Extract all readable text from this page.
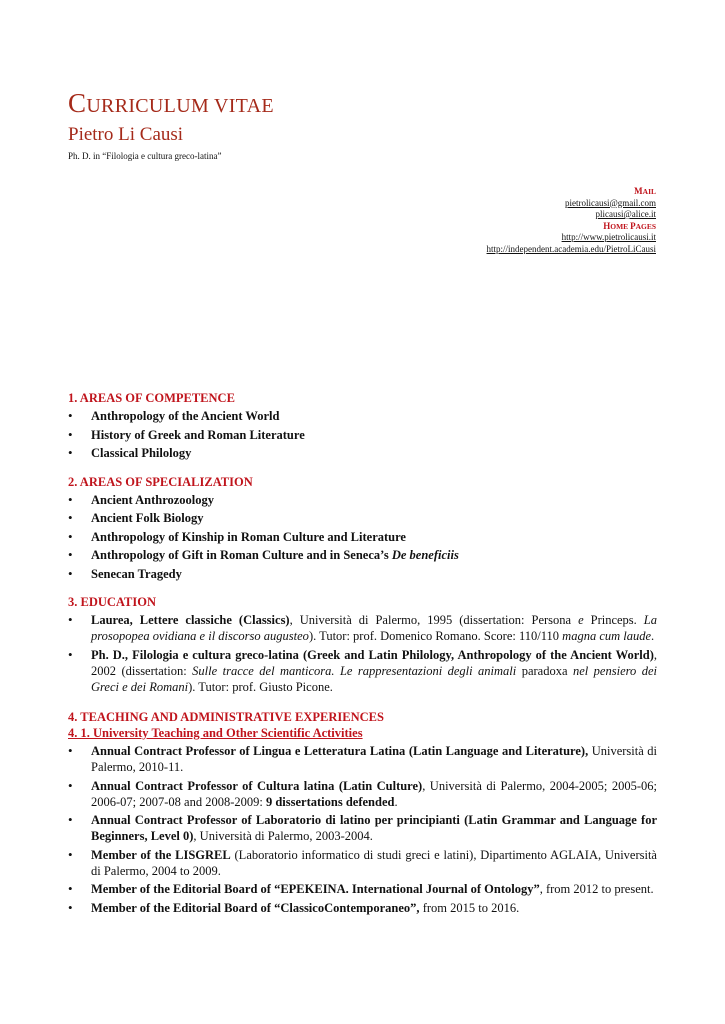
CURRICULUM VITAE
Pietro Li Causi
Ph. D. in “Filologia e cultura greco-latina”
MAIL
pietrolicausi@gmail.com
plicausi@alice.it
HOME PAGES
http://www.pietrolicausi.it
http://independent.academia.edu/PietroLiCausi

1. AREAS OF COMPETENCE

• Anthropology of the Ancient World
• History of Greek and Roman Literature
• Classical Philology

2. AREAS OF SPECIALIZATION

• Ancient Anthrozoology
• Ancient Folk Biology
• Anthropology of Kinship in Roman Culture and Literature
• Anthropology of Gift in Roman Culture and in Seneca’s De beneficiis
• Senecan Tragedy

3. EDUCATION

• Laurea, Lettere classiche (Classics), Università di Palermo, 1995 (dissertation: Persona e Princeps. La prosopopea ovidiana e il discorso augusteo). Tutor: prof. Domenico Romano. Score: 110/110 magna cum laude.
• Ph. D., Filologia e cultura greco-latina (Greek and Latin Philology, Anthropology of the Ancient World), 2002 (dissertation: Sulle tracce del manticora. Le rappresentazioni degli animali paradoxa nel pensiero dei Greci e dei Romani). Tutor: prof. Giusto Picone.

4. TEACHING AND ADMINISTRATIVE EXPERIENCES

4. 1. University Teaching and Other Scientific Activities

• Annual Contract Professor of Lingua e Letteratura Latina (Latin Language and Literature), Università di Palermo, 2010-11.
• Annual Contract Professor of Cultura latina (Latin Culture), Università di Palermo, 2004-2005; 2005-06; 2006-07; 2007-08 and 2008-2009: 9 dissertations defended.
• Annual Contract Professor of Laboratorio di latino per principianti (Latin Grammar and Language for Beginners, Level 0), Università di Palermo, 2003-2004.
• Member of the LISGREL (Laboratorio informatico di studi greci e latini), Dipartimento AGLAIA, Università di Palermo, 2004 to 2009.
• Member of the Editorial Board of “EPEKEINA. International Journal of Ontology”, from 2012 to present.
• Member of the Editorial Board of “ClassicoContemporaneo”, from 2015 to 2016.
